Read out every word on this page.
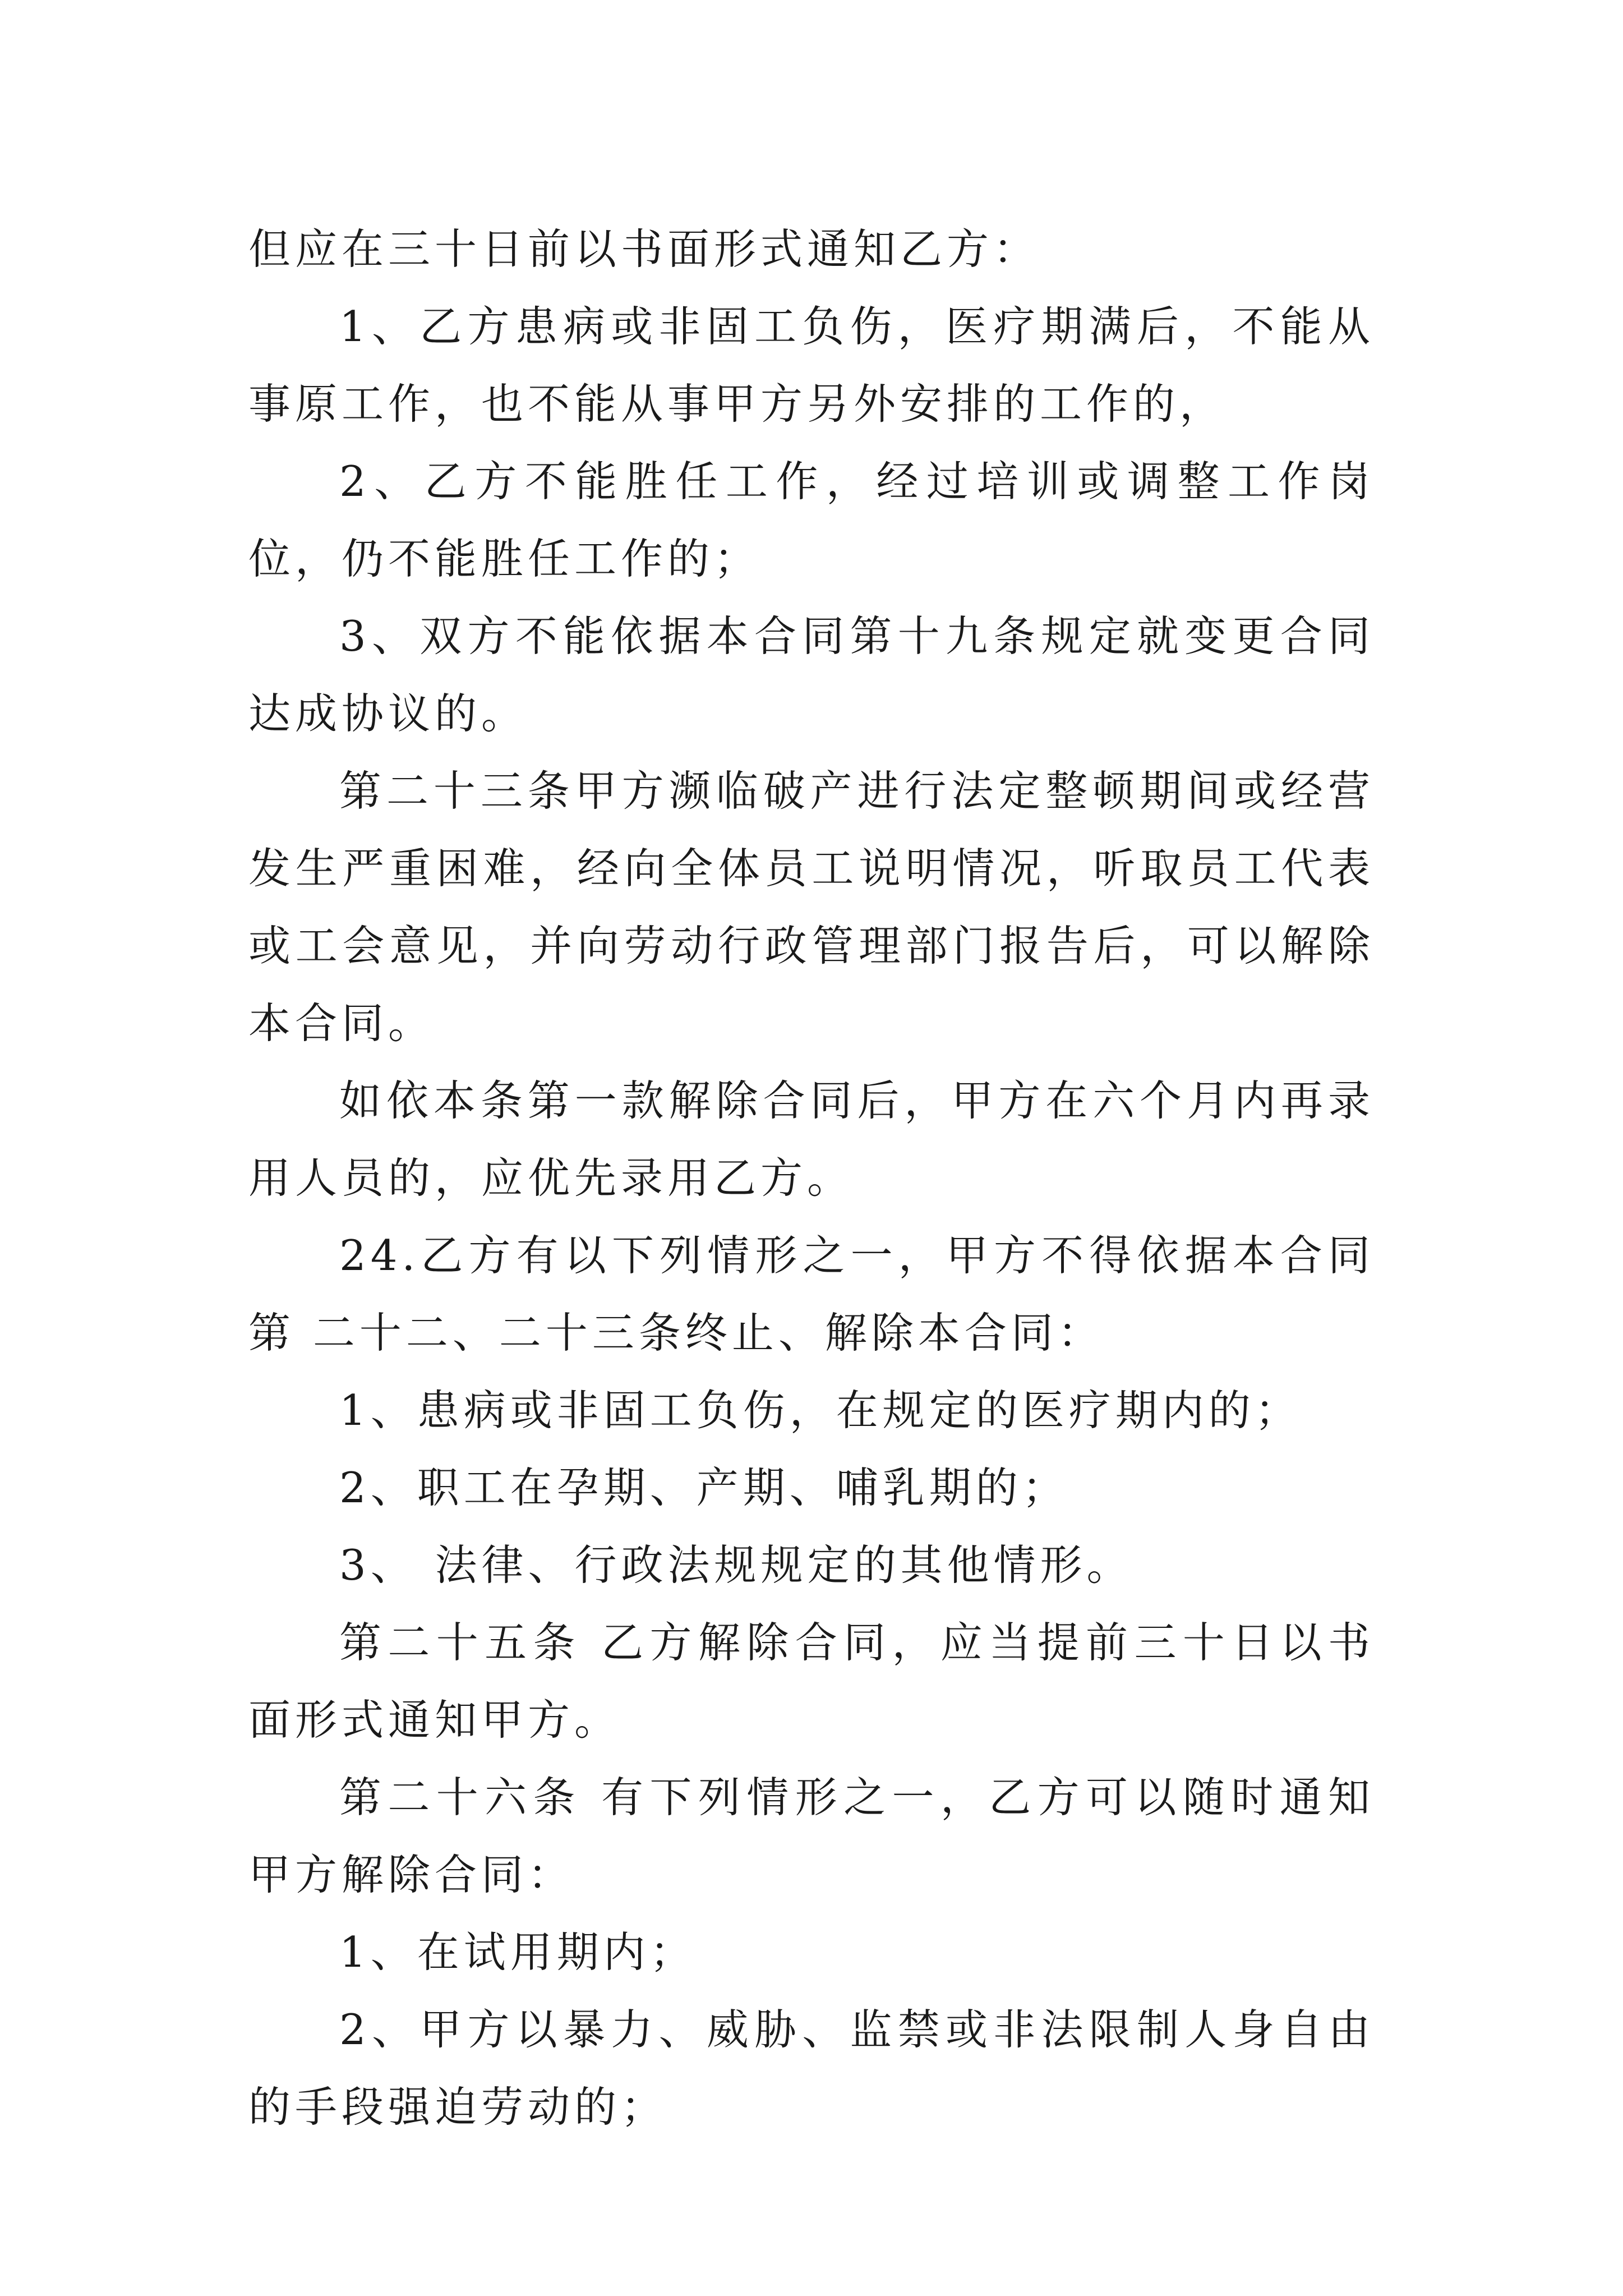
但应在三十日前以书面形式通知乙方：

1、乙方患病或非固工负伤，医疗期满后，不能从事原工作，也不能从事甲方另外安排的工作的，

2、乙方不能胜任工作，经过培训或调整工作岗位，仍不能胜任工作的；

3、双方不能依据本合同第十九条规定就变更合同达成协议的。

第二十三条甲方濒临破产进行法定整顿期间或经营发生严重困难，经向全体员工说明情况，听取员工代表或工会意见，并向劳动行政管理部门报告后，可以解除本合同。

如依本条第一款解除合同后，甲方在六个月内再录用人员的，应优先录用乙方。

24.乙方有以下列情形之一，甲方不得依据本合同第 二十二、二十三条终止、解除本合同：

1、患病或非固工负伤，在规定的医疗期内的；

2、职工在孕期、产期、哺乳期的；

3、 法律、行政法规规定的其他情形。

第二十五条 乙方解除合同，应当提前三十日以书面形式通知甲方。

第二十六条 有下列情形之一，乙方可以随时通知甲方解除合同：

1、在试用期内；

2、甲方以暴力、威胁、监禁或非法限制人身自由的手段强迫劳动的；
